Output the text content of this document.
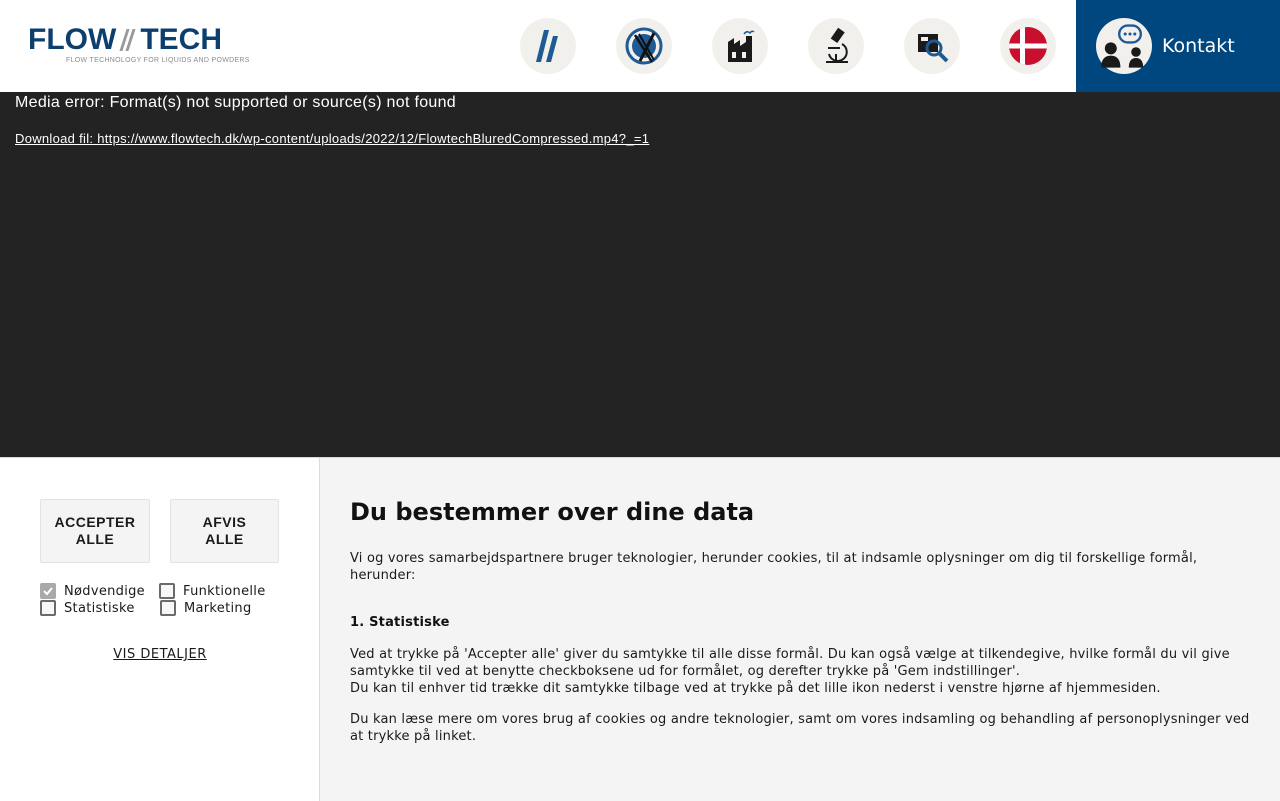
FLOW TECH
FLOW TECHNOLOGY FOR LIQUIDS AND POWDERS
Kontakt
Media error: Format(s) not supported or source(s) not found
Download fil: https://www.flowtech.dk/wp-content/uploads/2022/12/FlowtechBluredCompressed.mp4?_=1
ACCEPTER
ALLE
AFVIS
ALLE
Nødvendige	Funktionelle
Statistiske	Marketing
VIS DETALJER
Du bestemmer over dine data
Vi og vores samarbejdspartnere bruger teknologier, herunder cookies, til at indsamle oplysninger om dig til forskellige formål, herunder:
1. Statistiske
Ved at trykke på 'Accepter alle' giver du samtykke til alle disse formål. Du kan også vælge at tilkendegive, hvilke formål du vil give samtykke til ved at benytte checkboksene ud for formålet, og derefter trykke på 'Gem indstillinger'.
Du kan til enhver tid trække dit samtykke tilbage ved at trykke på det lille ikon nederst i venstre hjørne af hjemmesiden.
Du kan læse mere om vores brug af cookies og andre teknologier, samt om vores indsamling og behandling af personoplysninger ved at trykke på linket.
